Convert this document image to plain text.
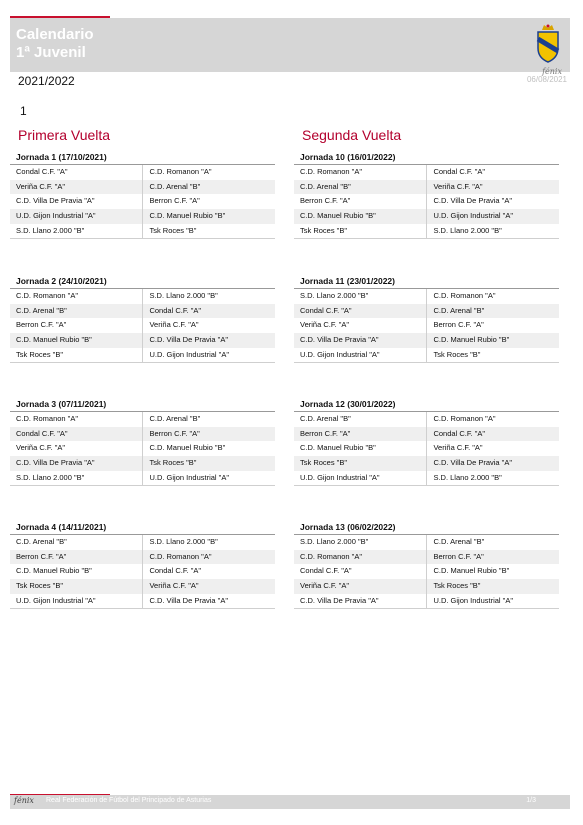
Calendario
1ª Juvenil
fénix
2021/2022	06/08/2021
1
Primera Vuelta	Segunda Vuelta
Jornada 1 (17/10/2021)
Condal C.F. "A"	C.D. Romanon "A"
Veriña C.F. "A"	C.D. Arenal "B"
C.D. Villa De Pravia "A"	Berron C.F. "A"
U.D. Gijon Industrial "A"	C.D. Manuel Rubio "B"
S.D. Llano 2.000 "B"	Tsk Roces "B"
Jornada 10 (16/01/2022)
C.D. Romanon "A"	Condal C.F. "A"
C.D. Arenal "B"	Veriña C.F. "A"
Berron C.F. "A"	C.D. Villa De Pravia "A"
C.D. Manuel Rubio "B"	U.D. Gijon Industrial "A"
Tsk Roces "B"	S.D. Llano 2.000 "B"
Jornada 2 (24/10/2021)
C.D. Romanon "A"	S.D. Llano 2.000 "B"
C.D. Arenal "B"	Condal C.F. "A"
Berron C.F. "A"	Veriña C.F. "A"
C.D. Manuel Rubio "B"	C.D. Villa De Pravia "A"
Tsk Roces "B"	U.D. Gijon Industrial "A"
Jornada 11 (23/01/2022)
S.D. Llano 2.000 "B"	C.D. Romanon "A"
Condal C.F. "A"	C.D. Arenal "B"
Veriña C.F. "A"	Berron C.F. "A"
C.D. Villa De Pravia "A"	C.D. Manuel Rubio "B"
U.D. Gijon Industrial "A"	Tsk Roces "B"
Jornada 3 (07/11/2021)
C.D. Romanon "A"	C.D. Arenal "B"
Condal C.F. "A"	Berron C.F. "A"
Veriña C.F. "A"	C.D. Manuel Rubio "B"
C.D. Villa De Pravia "A"	Tsk Roces "B"
S.D. Llano 2.000 "B"	U.D. Gijon Industrial "A"
Jornada 12 (30/01/2022)
C.D. Arenal "B"	C.D. Romanon "A"
Berron C.F. "A"	Condal C.F. "A"
C.D. Manuel Rubio "B"	Veriña C.F. "A"
Tsk Roces "B"	C.D. Villa De Pravia "A"
U.D. Gijon Industrial "A"	S.D. Llano 2.000 "B"
Jornada 4 (14/11/2021)
C.D. Arenal "B"	S.D. Llano 2.000 "B"
Berron C.F. "A"	C.D. Romanon "A"
C.D. Manuel Rubio "B"	Condal C.F. "A"
Tsk Roces "B"	Veriña C.F. "A"
U.D. Gijon Industrial "A"	C.D. Villa De Pravia "A"
Jornada 13 (06/02/2022)
S.D. Llano 2.000 "B"	C.D. Arenal "B"
C.D. Romanon "A"	Berron C.F. "A"
Condal C.F. "A"	C.D. Manuel Rubio "B"
Veriña C.F. "A"	Tsk Roces "B"
C.D. Villa De Pravia "A"	U.D. Gijon Industrial "A"
fénix Real Federación de Fútbol del Principado de Asturias	1/3
